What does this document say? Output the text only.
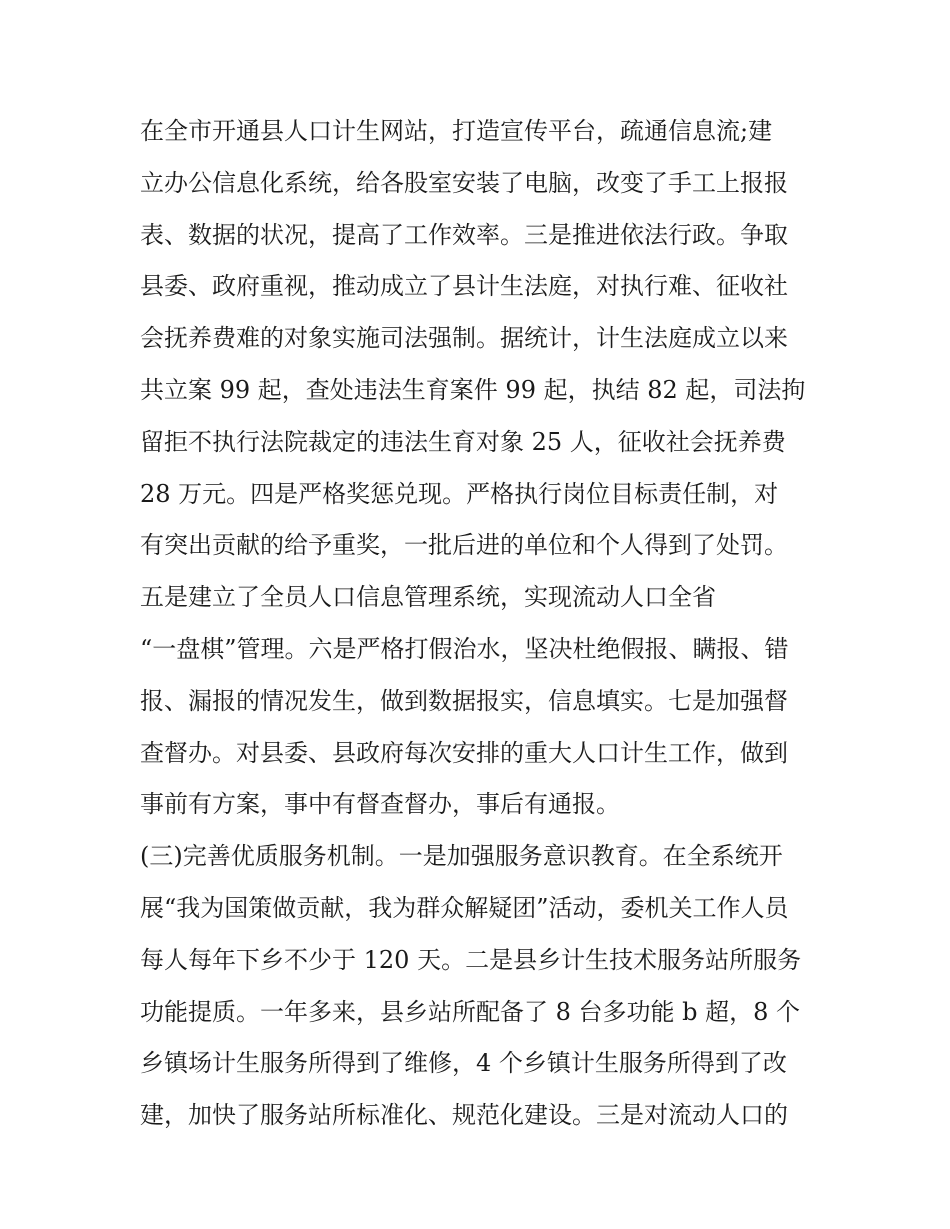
在全市开通县人口计生网站，打造宣传平台，疏通信息流;建
立办公信息化系统，给各股室安装了电脑，改变了手工上报报
表、数据的状况，提高了工作效率。三是推进依法行政。争取
县委、政府重视，推动成立了县计生法庭，对执行难、征收社
会抚养费难的对象实施司法强制。据统计，计生法庭成立以来
共立案 99 起，查处违法生育案件 99 起，执结 82 起，司法拘
留拒不执行法院裁定的违法生育对象 25 人，征收社会抚养费
28 万元。四是严格奖惩兑现。严格执行岗位目标责任制，对
有突出贡献的给予重奖，一批后进的单位和个人得到了处罚。
五是建立了全员人口信息管理系统，实现流动人口全省
“一盘棋”管理。六是严格打假治水，坚决杜绝假报、瞒报、错
报、漏报的情况发生，做到数据报实，信息填实。七是加强督
查督办。对县委、县政府每次安排的重大人口计生工作，做到
事前有方案，事中有督查督办，事后有通报。
(三)完善优质服务机制。一是加强服务意识教育。在全系统开
展“我为国策做贡献，我为群众解疑团”活动，委机关工作人员
每人每年下乡不少于 120 天。二是县乡计生技术服务站所服务
功能提质。一年多来，县乡站所配备了 8 台多功能 b 超，8 个
乡镇场计生服务所得到了维修，4 个乡镇计生服务所得到了改
建，加快了服务站所标准化、规范化建设。三是对流动人口的
